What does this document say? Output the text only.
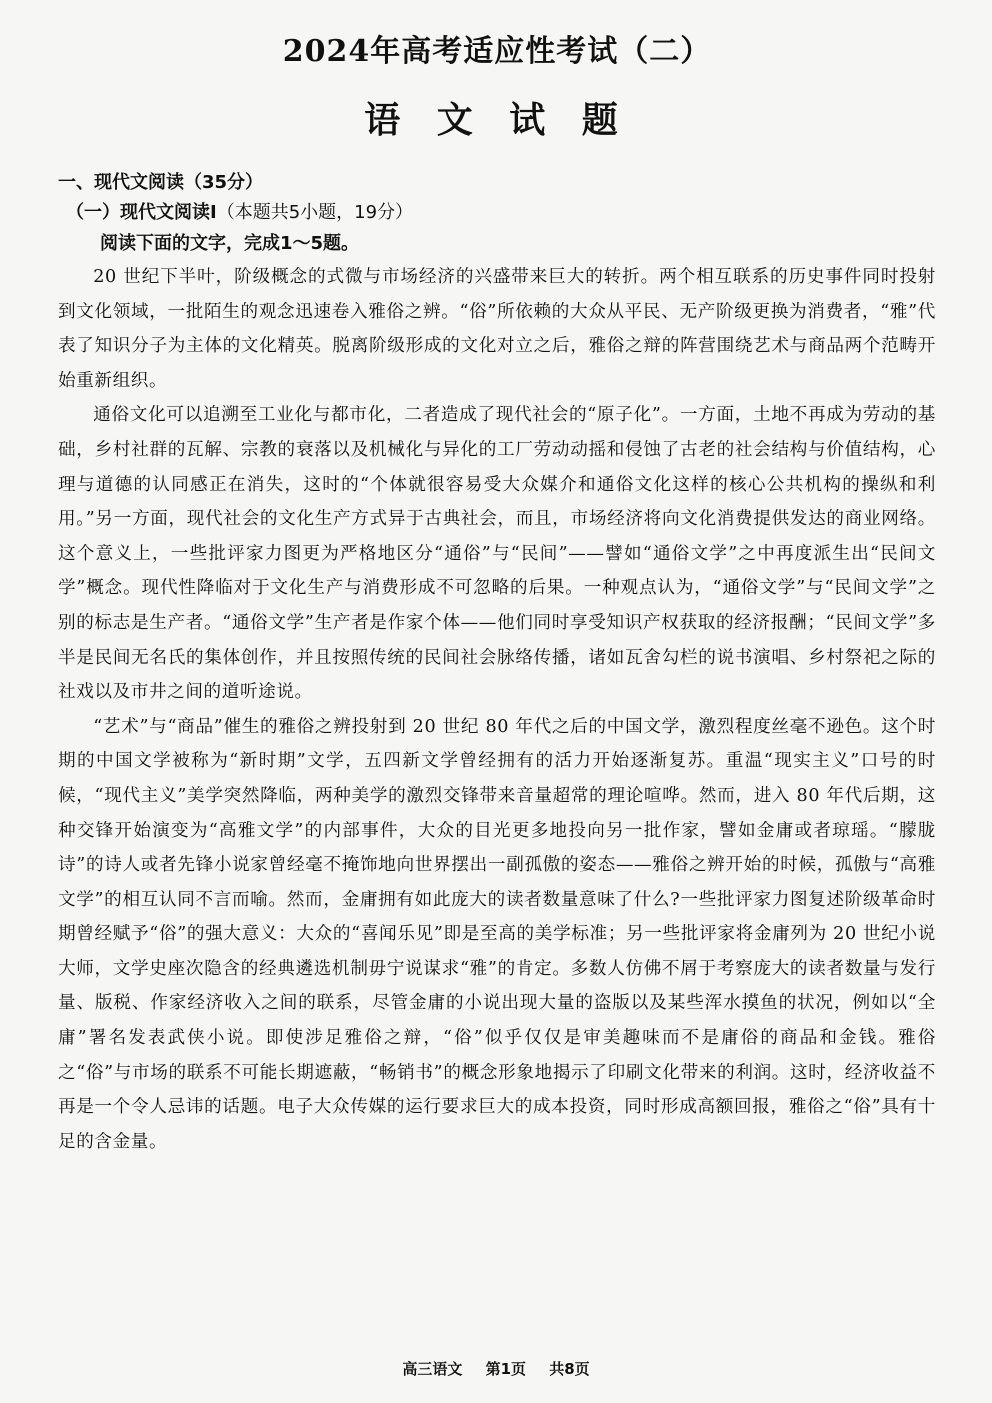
2024年高考适应性考试（二）
语 文 试 题
一、现代文阅读（35分）
（一）现代文阅读Ⅰ（本题共5小题，19分）
阅读下面的文字，完成1～5题。

20 世纪下半叶，阶级概念的式微与市场经济的兴盛带来巨大的转折。两个相互联系的历史事件同时投射到文化领域，一批陌生的观念迅速卷入雅俗之辨。“俗”所依赖的大众从平民、无产阶级更换为消费者，“雅”代表了知识分子为主体的文化精英。脱离阶级形成的文化对立之后，雅俗之辩的阵营围绕艺术与商品两个范畴开始重新组织。

通俗文化可以追溯至工业化与都市化，二者造成了现代社会的“原子化”。一方面，土地不再成为劳动的基础，乡村社群的瓦解、宗教的衰落以及机械化与异化的工厂劳动动摇和侵蚀了古老的社会结构与价值结构，心理与道德的认同感正在消失，这时的“个体就很容易受大众媒介和通俗文化这样的核心公共机构的操纵和利用。”另一方面，现代社会的文化生产方式异于古典社会，而且，市场经济将向文化消费提供发达的商业网络。这个意义上，一些批评家力图更为严格地区分“通俗”与“民间”——譬如“通俗文学”之中再度派生出“民间文学”概念。现代性降临对于文化生产与消费形成不可忽略的后果。一种观点认为，“通俗文学”与“民间文学”之别的标志是生产者。“通俗文学”生产者是作家个体——他们同时享受知识产权获取的经济报酬；“民间文学”多半是民间无名氏的集体创作，并且按照传统的民间社会脉络传播，诸如瓦舍勾栏的说书演唱、乡村祭祀之际的社戏以及市井之间的道听途说。

“艺术”与“商品”催生的雅俗之辨投射到 20 世纪 80 年代之后的中国文学，激烈程度丝毫不逊色。这个时期的中国文学被称为“新时期”文学，五四新文学曾经拥有的活力开始逐渐复苏。重温“现实主义”口号的时候，“现代主义”美学突然降临，两种美学的激烈交锋带来音量超常的理论喧哗。然而，进入 80 年代后期，这种交锋开始演变为“高雅文学”的内部事件，大众的目光更多地投向另一批作家，譬如金庸或者琼瑶。“朦胧诗”的诗人或者先锋小说家曾经毫不掩饰地向世界摆出一副孤傲的姿态——雅俗之辨开始的时候，孤傲与“高雅文学”的相互认同不言而喻。然而，金庸拥有如此庞大的读者数量意味了什么?一些批评家力图复述阶级革命时期曾经赋予“俗”的强大意义：大众的“喜闻乐见”即是至高的美学标准；另一些批评家将金庸列为 20 世纪小说大师，文学史座次隐含的经典遴选机制毋宁说谋求“雅”的肯定。多数人仿佛不屑于考察庞大的读者数量与发行量、版税、作家经济收入之间的联系，尽管金庸的小说出现大量的盗版以及某些浑水摸鱼的状况，例如以“全庸”署名发表武侠小说。即使涉足雅俗之辩，“俗”似乎仅仅是审美趣味而不是庸俗的商品和金钱。雅俗之“俗”与市场的联系不可能长期遮蔽，“畅销书”的概念形象地揭示了印刷文化带来的利润。这时，经济收益不再是一个令人忌讳的话题。电子大众传媒的运行要求巨大的成本投资，同时形成高额回报，雅俗之“俗”具有十足的含金量。

高三语文 第1页 共8页
